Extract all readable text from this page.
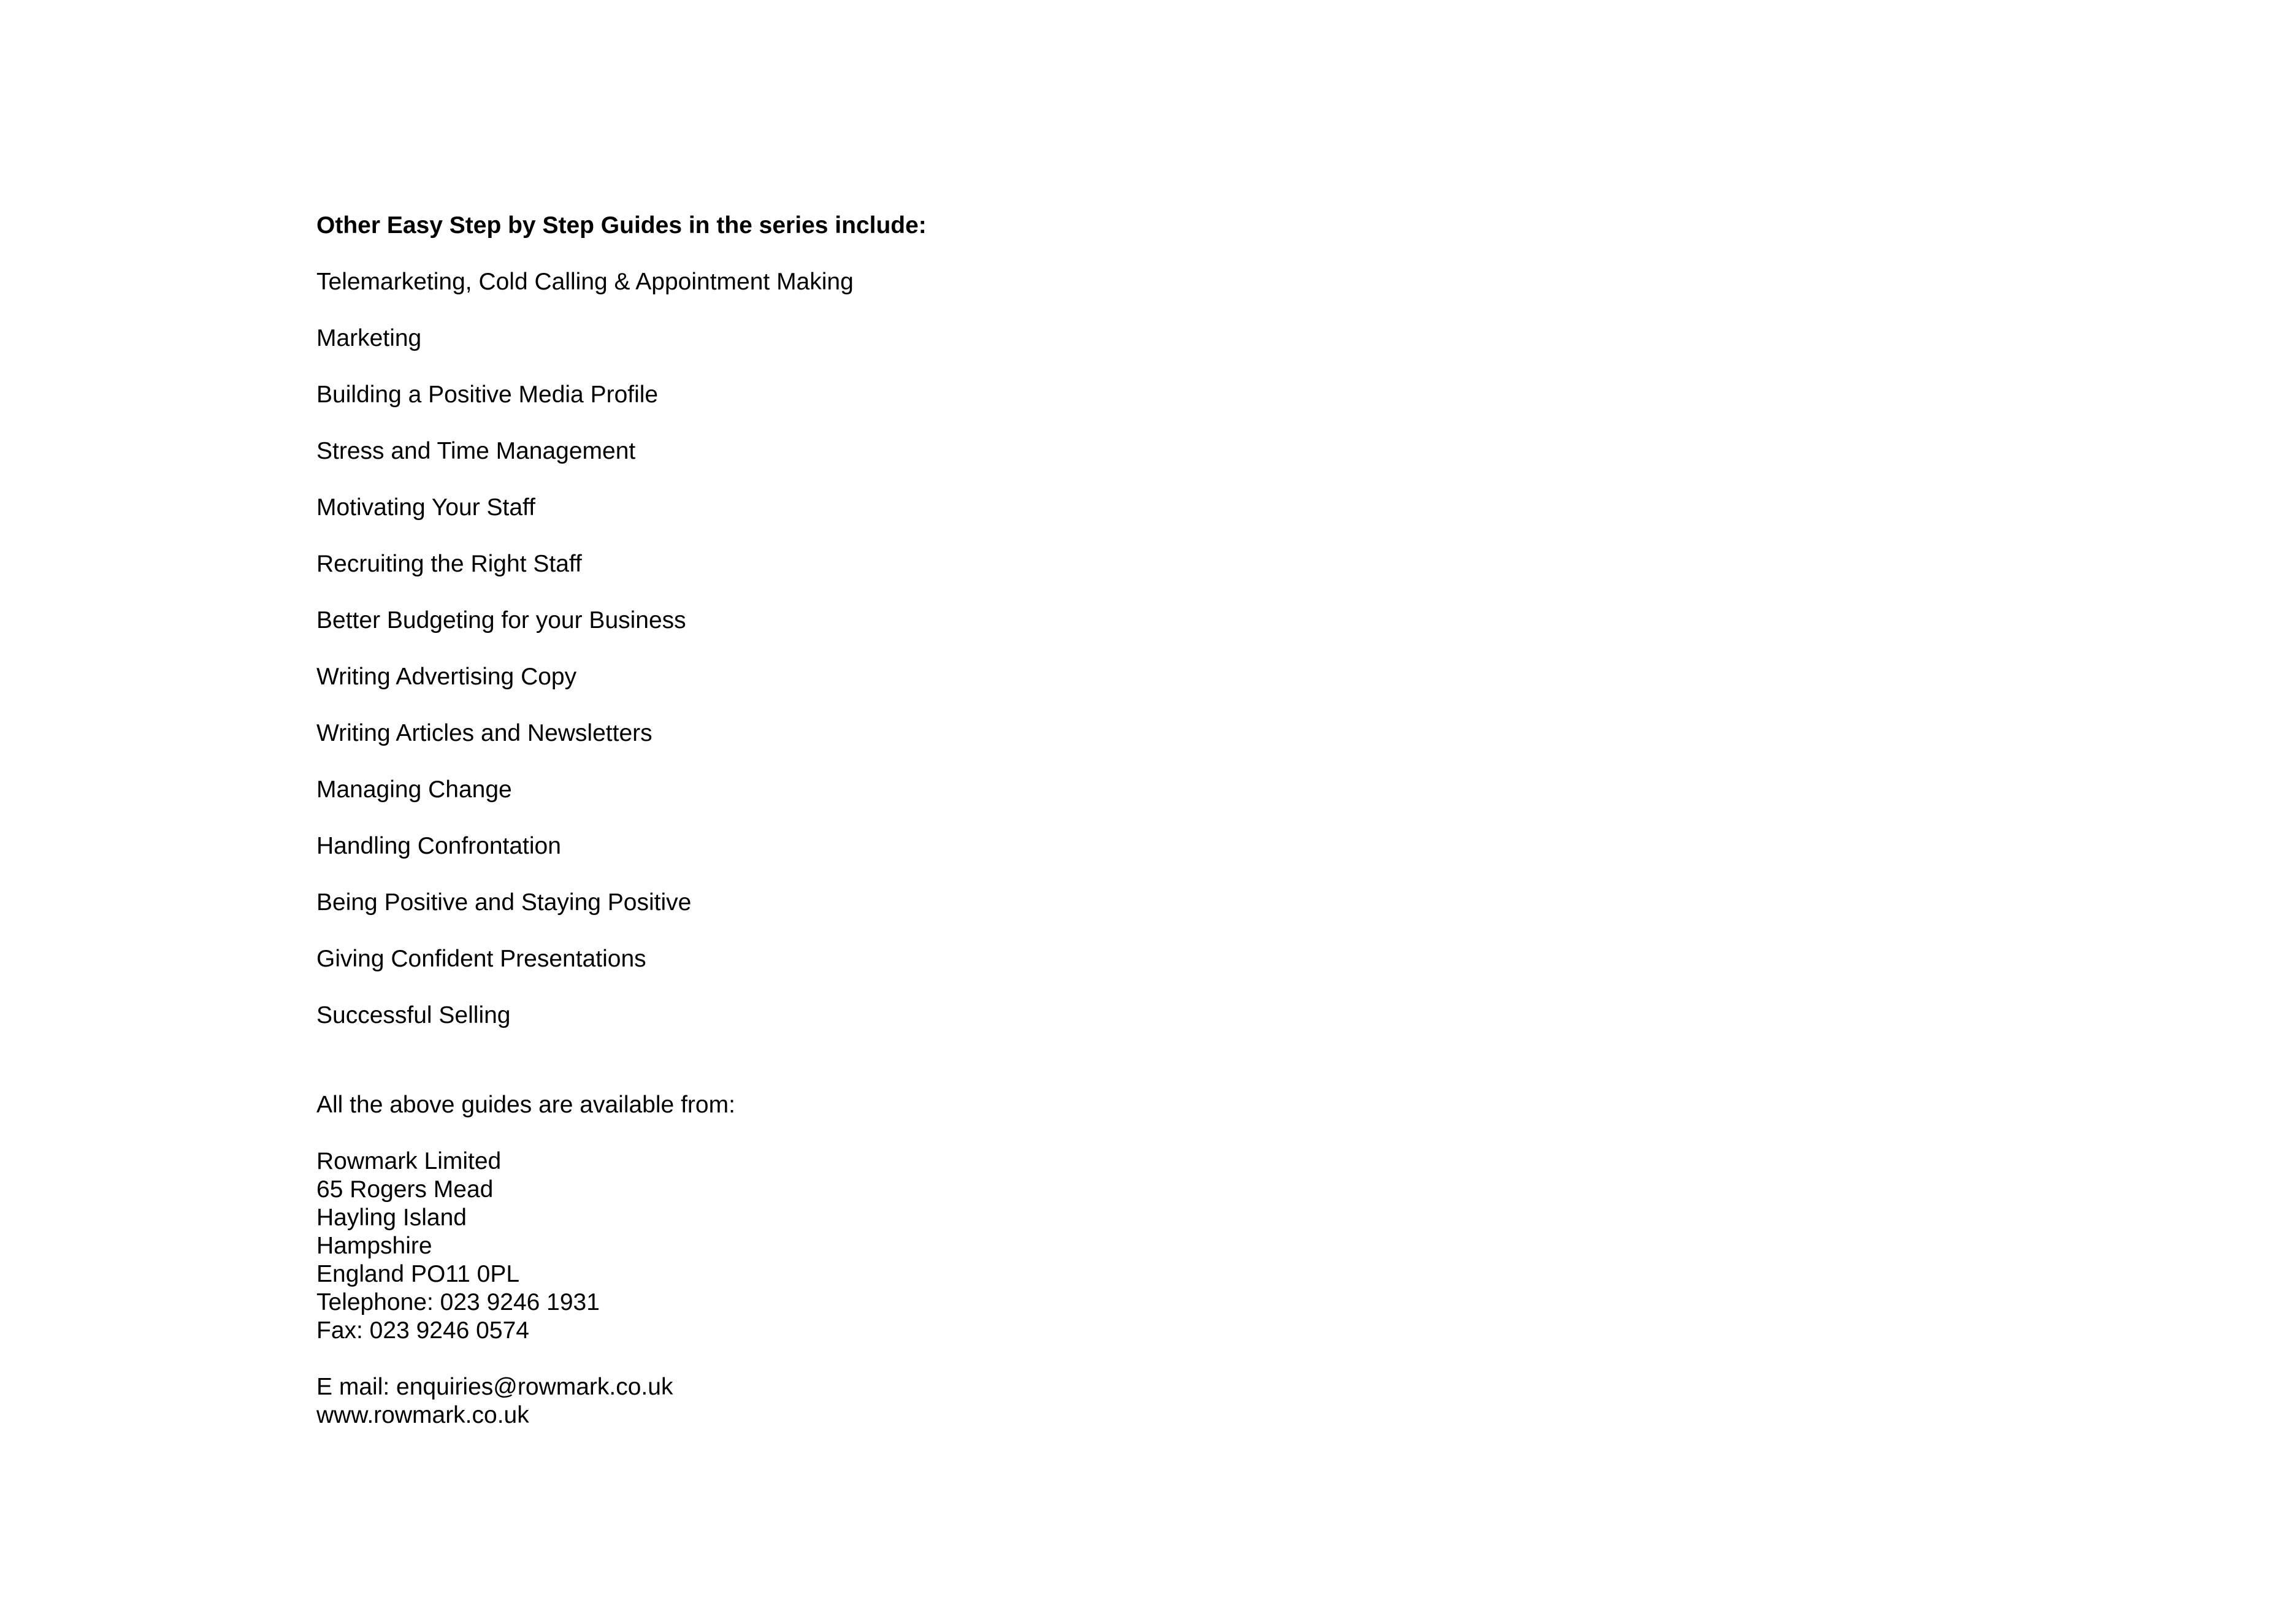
Other Easy Step by Step Guides in the series include:

Telemarketing, Cold Calling & Appointment Making
Marketing
Building a Positive Media Profile
Stress and Time Management
Motivating Your Staff
Recruiting the Right Staff
Better Budgeting for your Business
Writing Advertising Copy
Writing Articles and Newsletters
Managing Change
Handling Confrontation
Being Positive and Staying Positive
Giving Confident Presentations
Successful Selling

All the above guides are available from:

Rowmark Limited

65 Rogers Mead

Hayling Island

Hampshire

England PO11 0PL

Telephone: 023 9246 1931

Fax: 023 9246 0574

E mail: enquiries@rowmark.co.uk

www.rowmark.co.uk
